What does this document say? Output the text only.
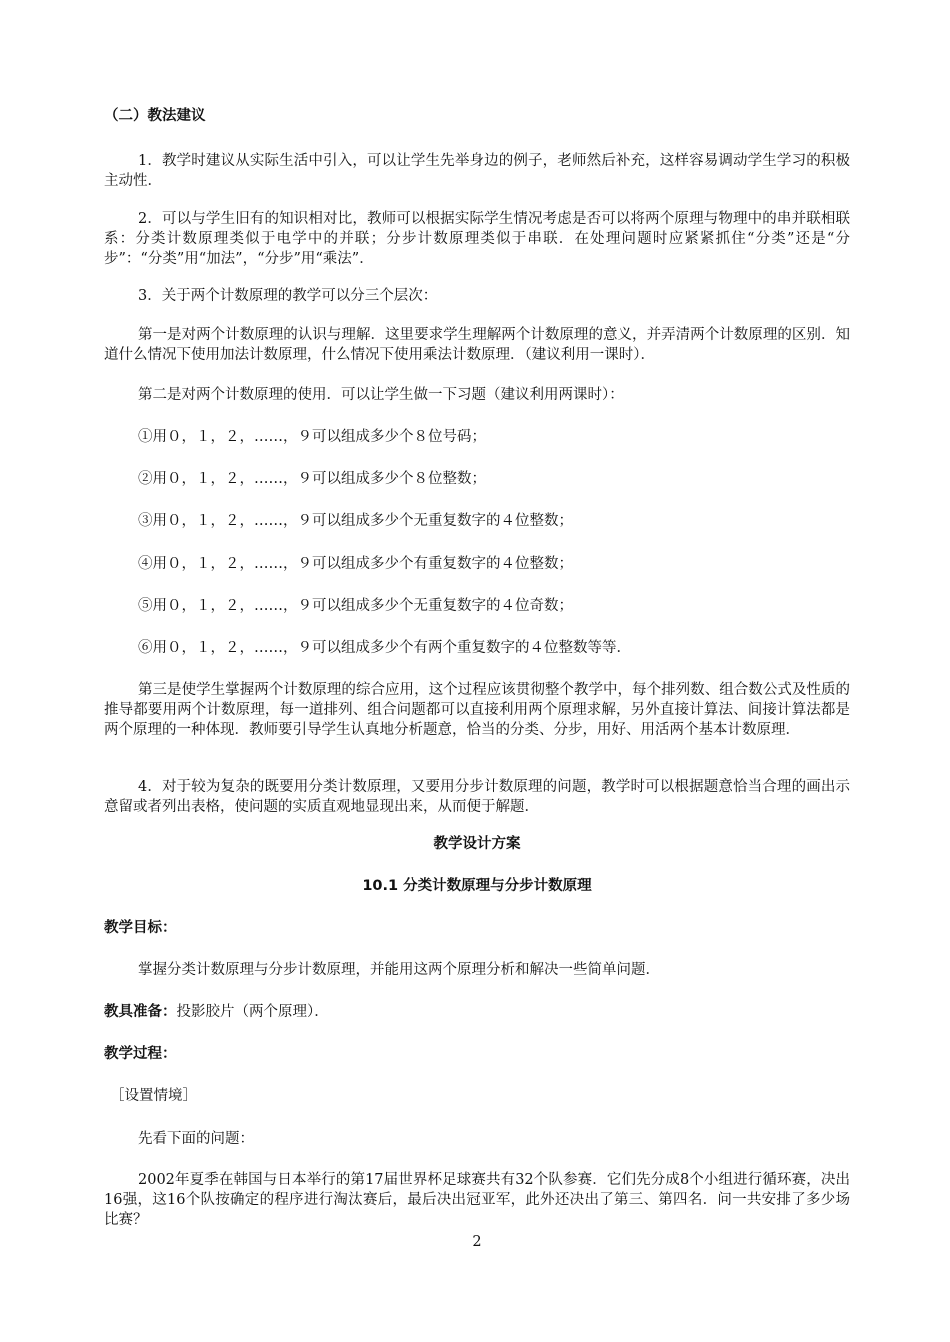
（二）教法建议

1．教学时建议从实际生活中引入，可以让学生先举身边的例子，老师然后补充，这样容易调动学生学习的积极主动性．

2．可以与学生旧有的知识相对比，教师可以根据实际学生情况考虑是否可以将两个原理与物理中的串并联相联系：分类计数原理类似于电学中的并联；分步计数原理类似于串联．在处理问题时应紧紧抓住“分类”还是“分步”：“分类”用“加法”，“分步”用“乘法”．

3．关于两个计数原理的教学可以分三个层次：

第一是对两个计数原理的认识与理解．这里要求学生理解两个计数原理的意义，并弄清两个计数原理的区别．知道什么情况下使用加法计数原理，什么情况下使用乘法计数原理．（建议利用一课时）．

第二是对两个计数原理的使用．可以让学生做一下习题（建议利用两课时）：

①用０，１，２，……，９可以组成多少个８位号码；

②用０，１，２，……，９可以组成多少个８位整数；

③用０，１，２，……，９可以组成多少个无重复数字的４位整数；

④用０，１，２，……，９可以组成多少个有重复数字的４位整数；

⑤用０，１，２，……，９可以组成多少个无重复数字的４位奇数；

⑥用０，１，２，……，９可以组成多少个有两个重复数字的４位整数等等．

第三是使学生掌握两个计数原理的综合应用，这个过程应该贯彻整个教学中，每个排列数、组合数公式及性质的推导都要用两个计数原理，每一道排列、组合问题都可以直接利用两个原理求解，另外直接计算法、间接计算法都是两个原理的一种体现．教师要引导学生认真地分析题意，恰当的分类、分步，用好、用活两个基本计数原理．

4．对于较为复杂的既要用分类计数原理，又要用分步计数原理的问题，教学时可以根据题意恰当合理的画出示意留或者列出表格，使问题的实质直观地显现出来，从而便于解题．

教学设计方案

10.1 分类计数原理与分步计数原理

教学目标：

掌握分类计数原理与分步计数原理，并能用这两个原理分析和解决一些简单问题．

教具准备：投影胶片（两个原理）．

教学过程：

［设置情境］

先看下面的问题：

2002年夏季在韩国与日本举行的第17届世界杯足球赛共有32个队参赛．它们先分成8个小组进行循环赛，决出16强，这16个队按确定的程序进行淘汰赛后，最后决出冠亚军，此外还决出了第三、第四名．问一共安排了多少场比赛？

2
